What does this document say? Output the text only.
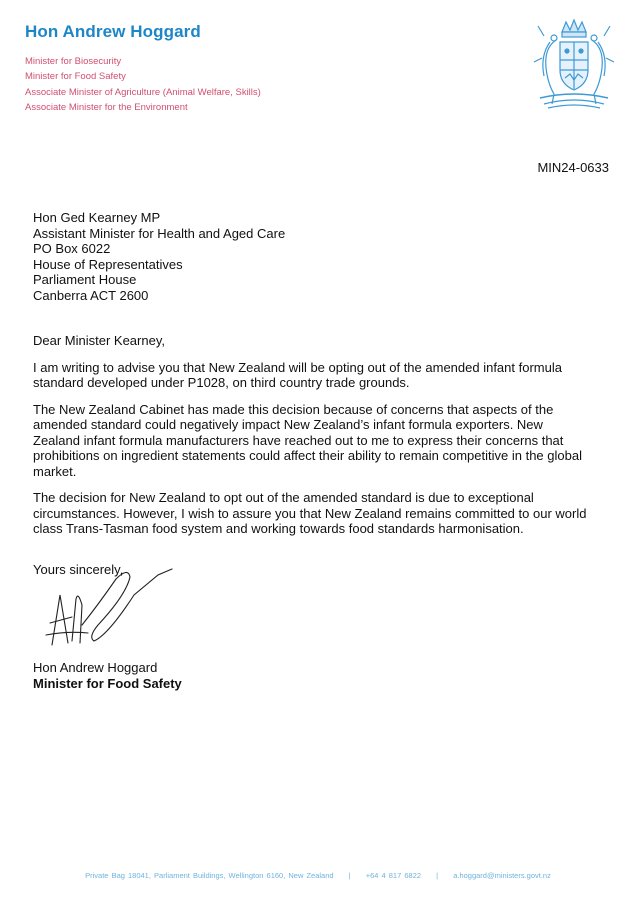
Hon Andrew Hoggard
Minister for Biosecurity
Minister for Food Safety
Associate Minister of Agriculture (Animal Welfare, Skills)
Associate Minister for the Environment
MIN24-0633
Hon Ged Kearney MP
Assistant Minister for Health and Aged Care
PO Box 6022
House of Representatives
Parliament House
Canberra ACT 2600
Dear Minister Kearney,
I am writing to advise you that New Zealand will be opting out of the amended infant formula standard developed under P1028, on third country trade grounds.
The New Zealand Cabinet has made this decision because of concerns that aspects of the amended standard could negatively impact New Zealand’s infant formula exporters. New Zealand infant formula manufacturers have reached out to me to express their concerns that prohibitions on ingredient statements could affect their ability to remain competitive in the global market.
The decision for New Zealand to opt out of the amended standard is due to exceptional circumstances. However, I wish to assure you that New Zealand remains committed to our world class Trans-Tasman food system and working towards food standards harmonisation.
Yours sincerely,
Hon Andrew Hoggard
Minister for Food Safety
Private Bag 18041, Parliament Buildings, Wellington 6160, New Zealand | +64 4 817 6822 | a.hoggard@ministers.govt.nz
